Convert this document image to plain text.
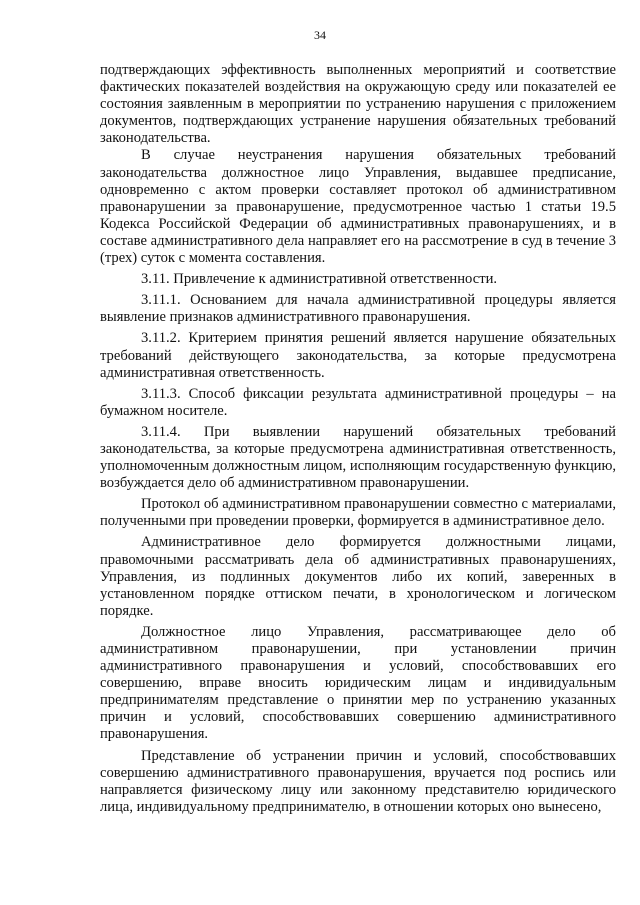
34

подтверждающих эффективность выполненных мероприятий и соответствие фактических показателей воздействия на окружающую среду или показателей ее состояния заявленным в мероприятии по устранению нарушения с приложением документов, подтверждающих устранение нарушения обязательных требований законодательства.

В случае неустранения нарушения обязательных требований законодательства должностное лицо Управления, выдавшее предписание, одновременно с актом проверки составляет протокол об административном правонарушении за правонарушение, предусмотренное частью 1 статьи 19.5 Кодекса Российской Федерации об административных правонарушениях, и в составе административного дела направляет его на рассмотрение в суд в течение 3 (трех) суток с момента составления.

3.11. Привлечение к административной ответственности.

3.11.1. Основанием для начала административной процедуры является выявление признаков административного правонарушения.

3.11.2. Критерием принятия решений является нарушение обязательных требований действующего законодательства, за которые предусмотрена административная ответственность.

3.11.3. Способ фиксации результата административной процедуры – на бумажном носителе.

3.11.4. При выявлении нарушений обязательных требований законодательства, за которые предусмотрена административная ответственность, уполномоченным должностным лицом, исполняющим государственную функцию, возбуждается дело об административном правонарушении.

Протокол об административном правонарушении совместно с материалами, полученными при проведении проверки, формируется в административное дело.

Административное дело формируется должностными лицами, правомочными рассматривать дела об административных правонарушениях, Управления, из подлинных документов либо их копий, заверенных в установленном порядке оттиском печати, в хронологическом и логическом порядке.

Должностное лицо Управления, рассматривающее дело об административном правонарушении, при установлении причин административного правонарушения и условий, способствовавших его совершению, вправе вносить юридическим лицам и индивидуальным предпринимателям представление о принятии мер по устранению указанных причин и условий, способствовавших совершению административного правонарушения.

Представление об устранении причин и условий, способствовавших совершению административного правонарушения, вручается под роспись или направляется физическому лицу или законному представителю юридического лица, индивидуальному предпринимателю, в отношении которых оно вынесено,
